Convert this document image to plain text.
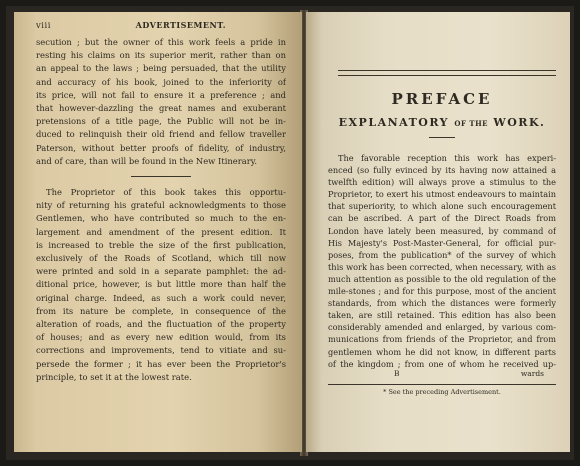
viii	ADVERTISEMENT.
secution ; but the owner of this work feels a pride in
resting his claims on its superior merit, rather than on
an appeal to the laws ; being persuaded, that the utility
and accuracy of his book, joined to the inferiority of
its price, will not fail to ensure it a preference ; and
that however-dazzling the great names and exuberant
pretensions of a title page, the Public will not be in-
duced to relinquish their old friend and fellow traveller
Paterson, without better proofs of fidelity, of industry,
and of care, than will be found in the New Itinerary.
The Proprietor of this book takes this opportu-
nity of returning his grateful acknowledgments to those
Gentlemen, who have contributed so much to the en-
largement and amendment of the present edition. It
is increased to treble the size of the first publication,
exclusively of the Roads of Scotland, which till now
were printed and sold in a separate pamphlet: the ad-
ditional price, however, is but little more than half the
original charge. Indeed, as such a work could never,
from its nature be complete, in consequence of the
alteration of roads, and the fluctuation of the property
of houses; and as every new edition would, from its
corrections and improvements, tend to vitiate and su-
persede the former ; it has ever been the Proprietor's
principle, to set it at the lowest rate.
PREFACE
EXPLANATORY OF THE WORK.
The favorable reception this work has experi-
enced (so fully evinced by its having now attained a
twelfth edition) will always prove a stimulus to the
Proprietor, to exert his utmost endeavours to maintain
that superiority, to which alone such encouragement
can be ascribed. A part of the Direct Roads from
London have lately been measured, by command of
His Majesty's Post-Master-General, for official pur-
poses, from the publication* of the survey of which
this work has been corrected, when necessary, with as
much attention as possible to the old regulation of the
mile-stones ; and for this purpose, most of the ancient
standards, from which the distances were formerly
taken, are still retained. This edition has also been
considerably amended and enlarged, by various com-
munications from friends of the Proprietor, and from
gentlemen whom he did not know, in different parts
of the kingdom ; from one of whom he received up-
B	wards
* See the preceding Advertisement.
